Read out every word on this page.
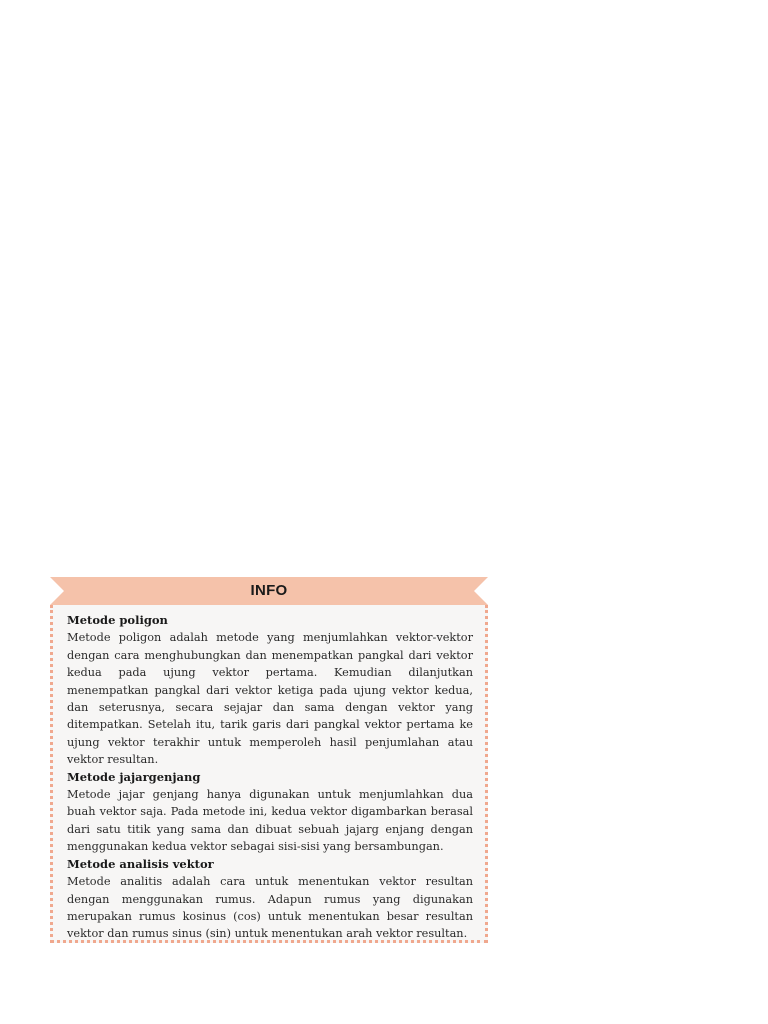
INFO

Metode poligon

Metode poligon adalah metode yang menjumlahkan vektor-vektor dengan cara menghubungkan dan menempatkan pangkal dari vektor kedua pada ujung vektor pertama. Kemudian dilanjutkan menempatkan pangkal dari vektor ketiga pada ujung vektor kedua, dan seterusnya, secara sejajar dan sama dengan vektor yang ditempatkan. Setelah itu, tarik garis dari pangkal vektor pertama ke ujung vektor terakhir untuk memperoleh hasil penjumlahan atau vektor resultan.

Metode jajargenjang

Metode jajar genjang hanya digunakan untuk menjumlahkan dua buah vektor saja. Pada metode ini, kedua vektor digambarkan berasal dari satu titik yang sama dan dibuat sebuah jajarg enjang dengan menggunakan kedua vektor sebagai sisi-sisi yang bersambungan.

Metode analisis vektor

Metode analitis adalah cara untuk menentukan vektor resultan dengan menggunakan rumus. Adapun rumus yang digunakan merupakan rumus kosinus (cos) untuk menentukan besar resultan vektor dan rumus sinus (sin) untuk menentukan arah vektor resultan.
